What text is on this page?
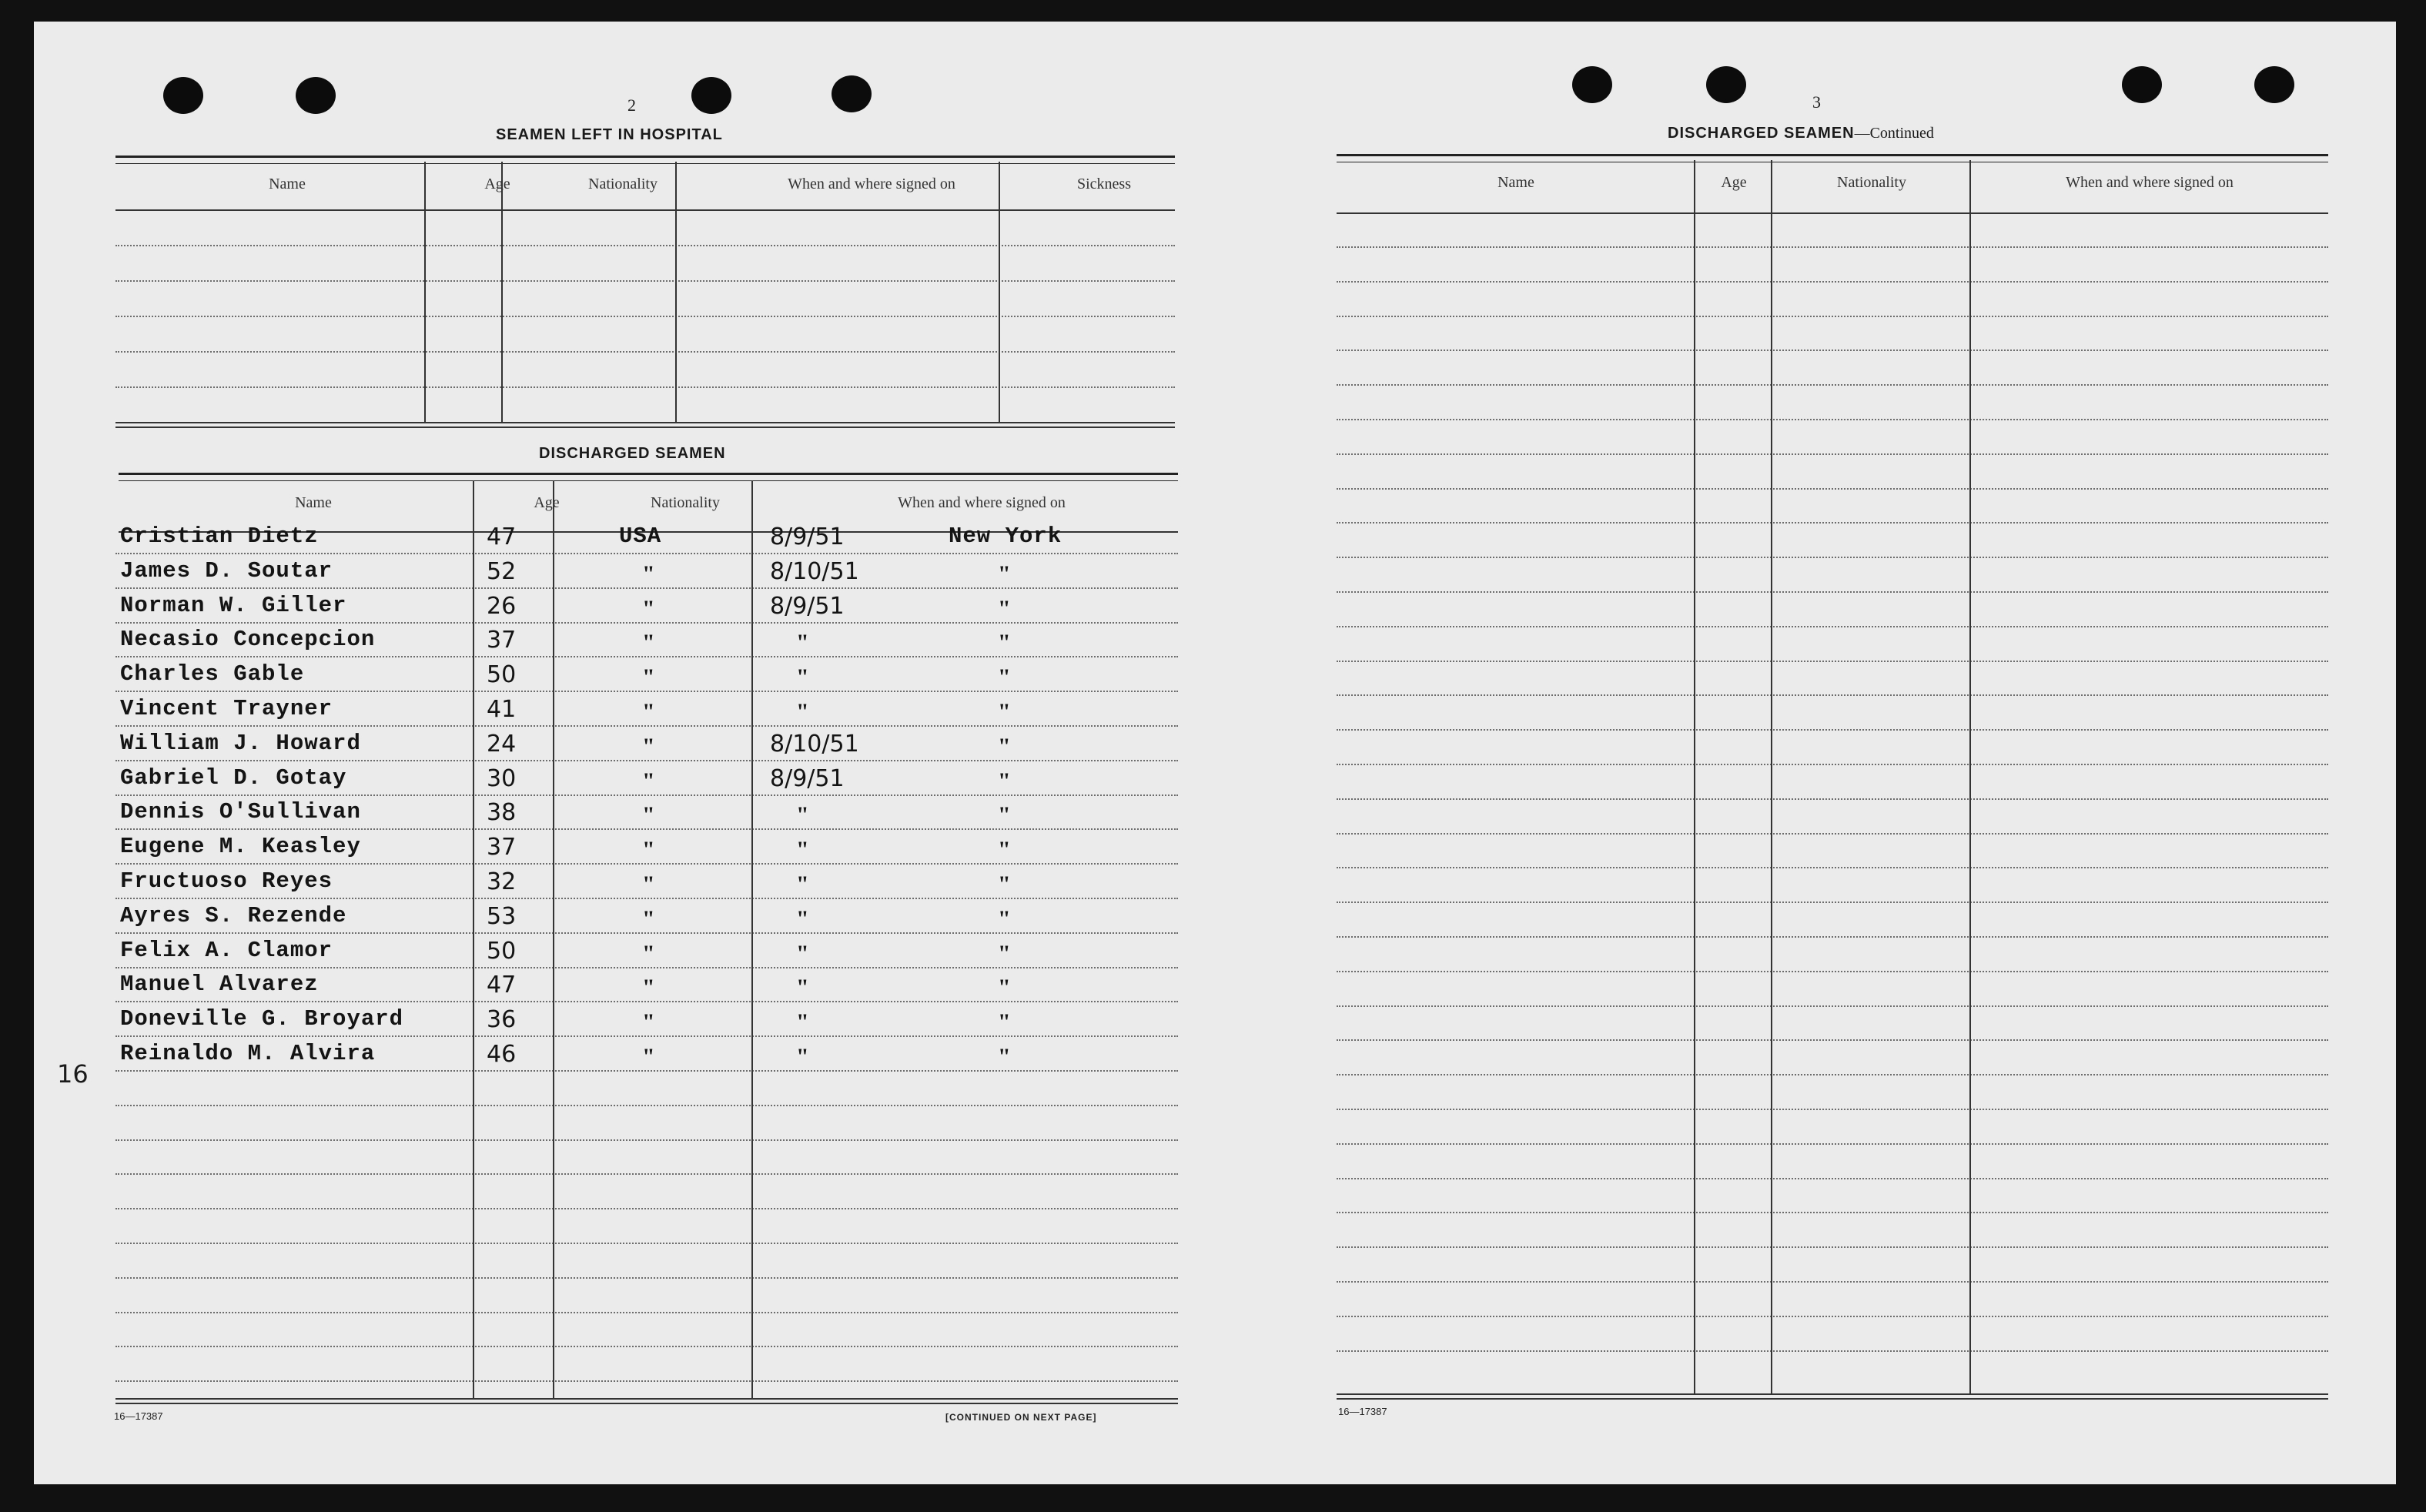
2
SEAMEN LEFT IN HOSPITAL
Name	Age	Nationality	When and where signed on	Sickness
DISCHARGED SEAMEN
Name	Age	Nationality	When and where signed on
Cristian Dietz	47	USA	8/9/51	New York
James D. Soutar	52	"	8/10/51	"
Norman W. Giller	26	"	8/9/51	"
Necasio Concepcion	37	"	"	"
Charles Gable	50	"	"	"
Vincent Trayner	41	"	"	"
William J. Howard	24	"	8/10/51	"
Gabriel D. Gotay	30	"	8/9/51	"
Dennis O'Sullivan	38	"	"	"
Eugene M. Keasley	37	"	"	"
Fructuoso Reyes	32	"	"	"
Ayres S. Rezende	53	"	"	"
Felix A. Clamor	50	"	"	"
Manuel Alvarez	47	"	"	"
Doneville G. Broyard	36	"	"	"
Reinaldo M. Alvira	46	"	"	"
16
16—17387	[CONTINUED ON NEXT PAGE]
3
DISCHARGED SEAMEN—Continued
Name	Age	Nationality	When and where signed on
16—17387
